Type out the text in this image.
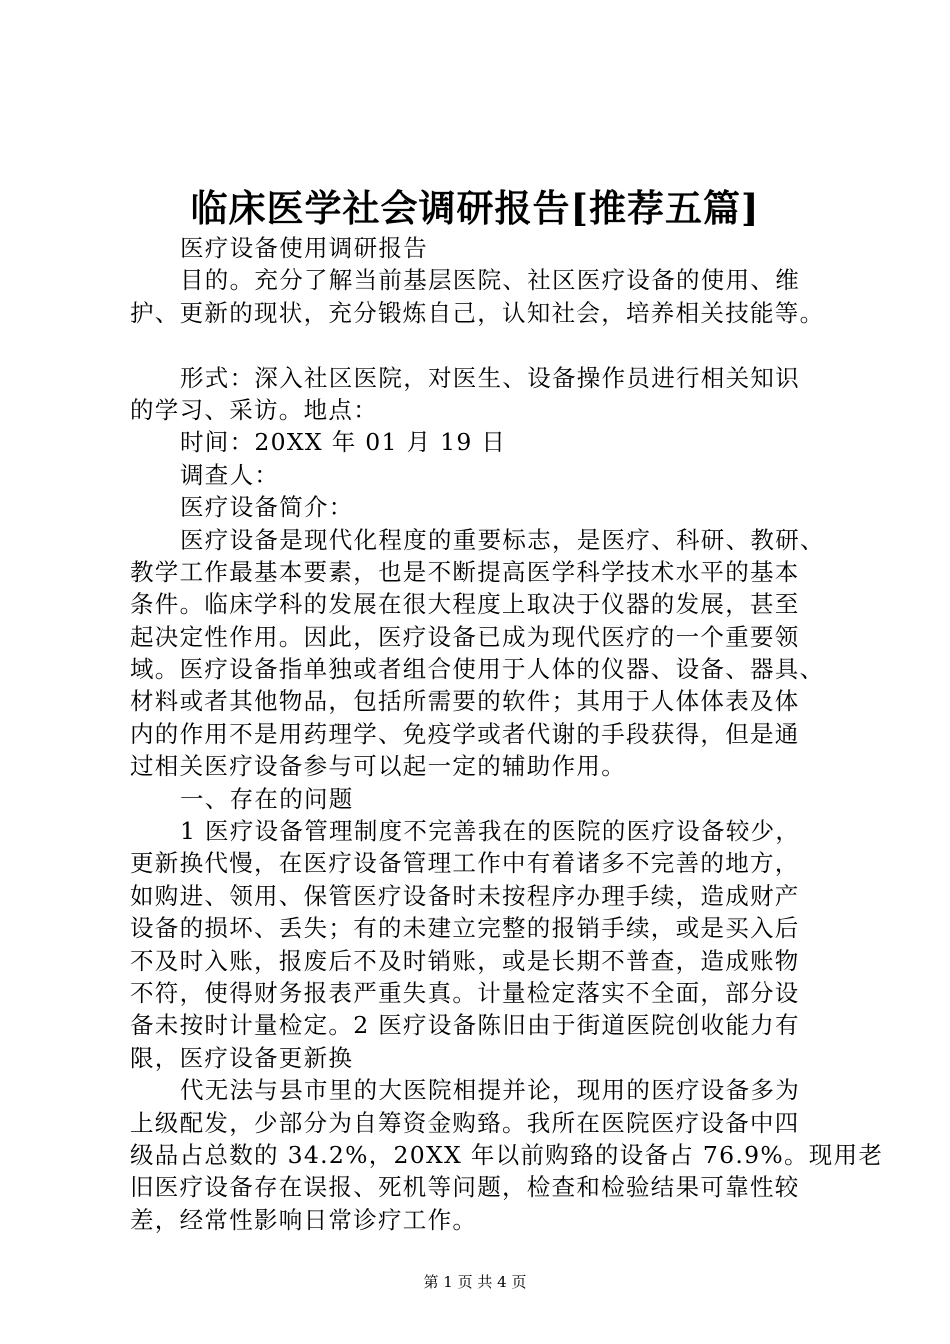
临床医学社会调研报告[推荐五篇]
医疗设备使用调研报告
目的。充分了解当前基层医院、社区医疗设备的使用、维
护、更新的现状，充分锻炼自己，认知社会，培养相关技能等。
形式：深入社区医院，对医生、设备操作员进行相关知识
的学习、采访。地点：
时间：20XX 年 01 月 19 日
调查人：
医疗设备简介：
医疗设备是现代化程度的重要标志，是医疗、科研、教研、
教学工作最基本要素，也是不断提高医学科学技术水平的基本
条件。临床学科的发展在很大程度上取决于仪器的发展，甚至
起决定性作用。因此，医疗设备已成为现代医疗的一个重要领
域。医疗设备指单独或者组合使用于人体的仪器、设备、器具、
材料或者其他物品，包括所需要的软件；其用于人体体表及体
内的作用不是用药理学、免疫学或者代谢的手段获得，但是通
过相关医疗设备参与可以起一定的辅助作用。
一、存在的问题
1 医疗设备管理制度不完善我在的医院的医疗设备较少，
更新换代慢，在医疗设备管理工作中有着诸多不完善的地方，
如购进、领用、保管医疗设备时未按程序办理手续，造成财产
设备的损坏、丢失；有的未建立完整的报销手续，或是买入后
不及时入账，报废后不及时销账，或是长期不普查，造成账物
不符，使得财务报表严重失真。计量检定落实不全面，部分设
备未按时计量检定。2 医疗设备陈旧由于街道医院创收能力有
限，医疗设备更新换
代无法与县市里的大医院相提并论，现用的医疗设备多为
上级配发，少部分为自筹资金购臵。我所在医院医疗设备中四
级品占总数的 34.2%，20XX 年以前购臵的设备占 76.9%。现用老
旧医疗设备存在误报、死机等问题，检查和检验结果可靠性较
差，经常性影响日常诊疗工作。
第 1 页 共 4 页
